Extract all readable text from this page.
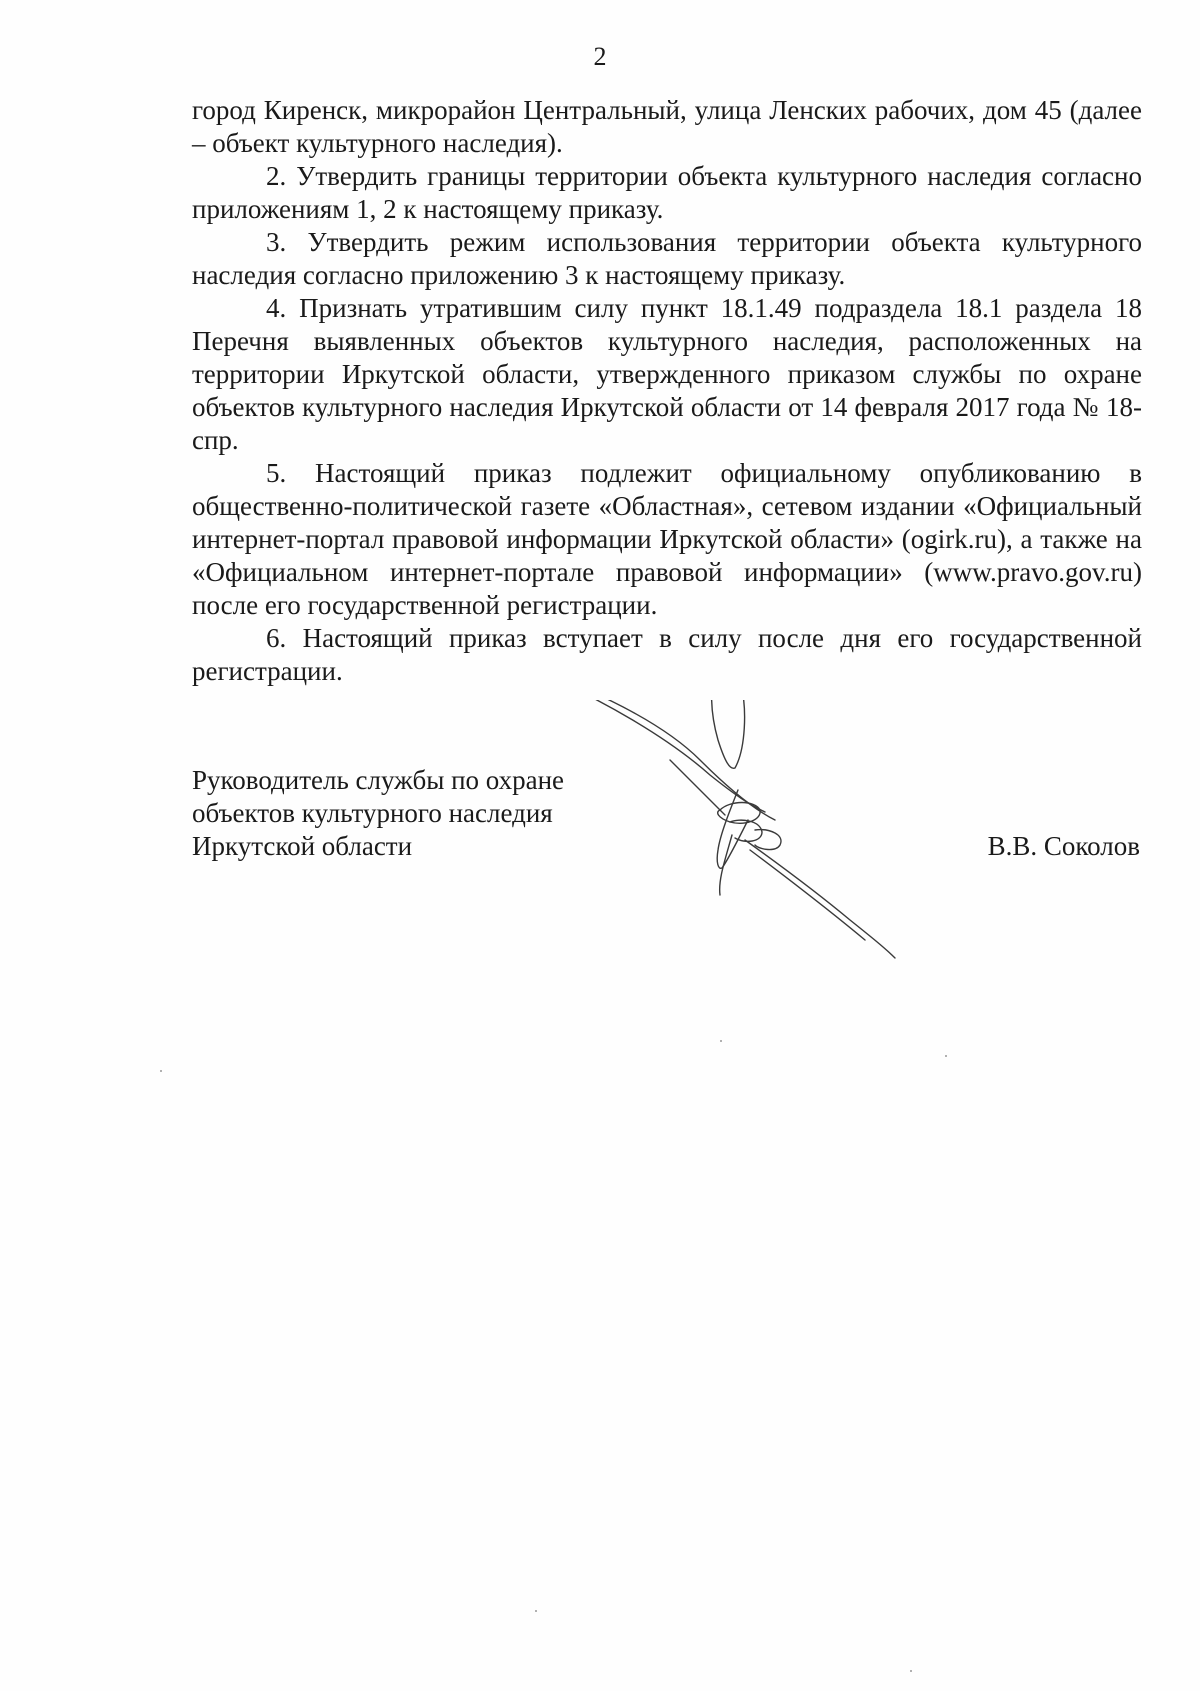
2

город Киренск, микрорайон Центральный, улица Ленских рабочих, дом 45 (далее – объект культурного наследия).

2. Утвердить границы территории объекта культурного наследия согласно приложениям 1, 2 к настоящему приказу.

3. Утвердить режим использования территории объекта культурного наследия согласно приложению 3 к настоящему приказу.

4. Признать утратившим силу пункт 18.1.49 подраздела 18.1 раздела 18 Перечня выявленных объектов культурного наследия, расположенных на территории Иркутской области, утвержденного приказом службы по охране объектов культурного наследия Иркутской области от 14 февраля 2017 года № 18-спр.

5. Настоящий приказ подлежит официальному опубликованию в общественно-политической газете «Областная», сетевом издании «Официальный интернет-портал правовой информации Иркутской области» (ogirk.ru), а также на «Официальном интернет-портале правовой информации» (www.pravo.gov.ru) после его государственной регистрации.

6. Настоящий приказ вступает в силу после дня его государственной регистрации.

Руководитель службы по охране
объектов культурного наследия
Иркутской области	В.В. Соколов
